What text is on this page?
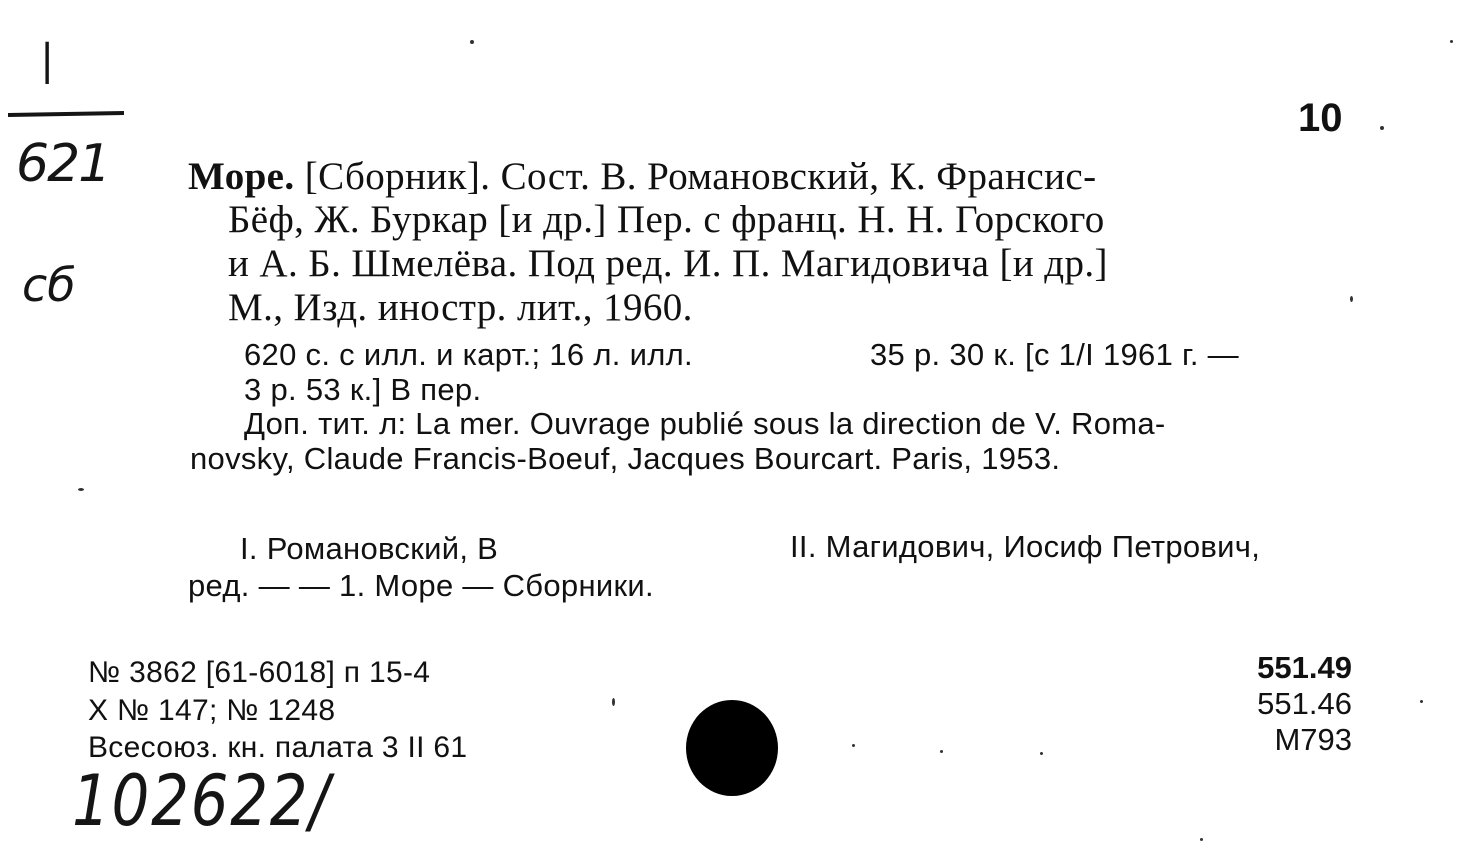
I
621
сб
10
Море. [Сборник]. Сост. В. Романовский, К. Франсис-
Бёф, Ж. Буркар [и др.] Пер. с франц. Н. Н. Горского
и А. Б. Шмелёва. Под ред. И. П. Магидовича [и др.]
М., Изд. иностр. лит., 1960.
620 с. с илл. и карт.; 16 л. илл.	35 р. 30 к. [с 1/I 1961 г. —
3 р. 53 к.] В пер.
Доп. тит. л: La mer. Ouvrage publié sous la direction de V. Roma-
novsky, Claude Francis-Boeuf, Jacques Bourcart. Paris, 1953.
I. Романовский, В	II. Магидович, Иосиф Петрович,
ред. — — 1. Море — Сборники.
№ 3862 [61-6018] п 15-4
X № 147; № 1248
Всесоюз. кн. палата 3 II 61
551.49
551.46
М793
102622/
